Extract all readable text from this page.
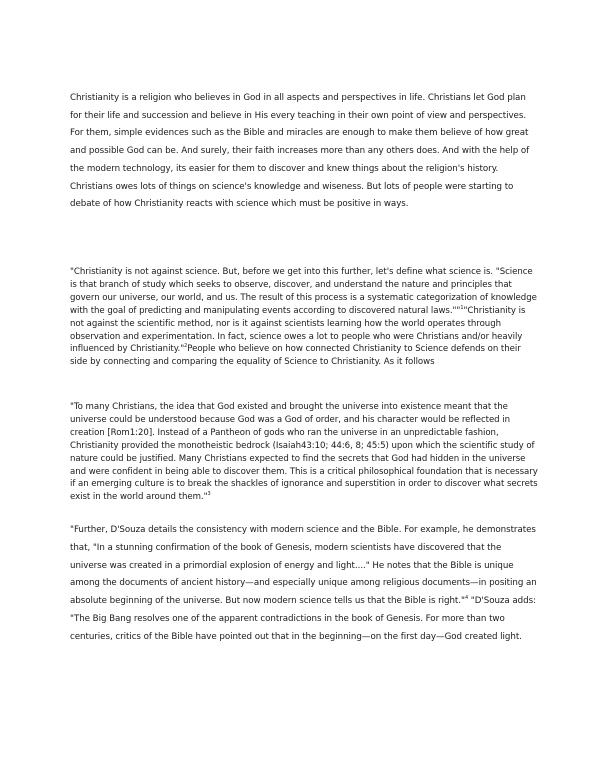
Christianity is a religion who believes in God in all aspects and perspectives in life. Christians let God plan for their life and succession and believe in His every teaching in their own point of view and perspectives. For them, simple evidences such as the Bible and miracles are enough to make them believe of how great and possible God can be. And surely, their faith increases more than any others does. And with the help of the modern technology, its easier for them to discover and knew things about the religion's history. Christians owes lots of things on science's knowledge and wiseness. But lots of people were starting to debate of how Christianity reacts with science which must be positive in ways.

"Christianity is not against science. But, before we get into this further, let's define what science is. "Science is that branch of study which seeks to observe, discover, and understand the nature and principles that govern our universe, our world, and us. The result of this process is a systematic categorization of knowledge with the goal of predicting and manipulating events according to discovered natural laws.""$^1$"Christianity is not against the scientific method, nor is it against scientists learning how the world operates through observation and experimentation. In fact, science owes a lot to people who were Christians and/or heavily influenced by Christianity."$^2$People who believe on how connected Christianity to Science defends on their side by connecting and comparing the equality of Science to Christianity. As it follows

"To many Christians, the idea that God existed and brought the universe into existence meant that the universe could be understood because God was a God of order, and his character would be reflected in creation [Rom1:20]. Instead of a Pantheon of gods who ran the universe in an unpredictable fashion, Christianity provided the monotheistic bedrock (Isaiah43:10; 44:6, 8; 45:5) upon which the scientific study of nature could be justified. Many Christians expected to find the secrets that God had hidden in the universe and were confident in being able to discover them. This is a critical philosophical foundation that is necessary if an emerging culture is to break the shackles of ignorance and superstition in order to discover what secrets exist in the world around them."$^3$

"Further, D'Souza details the consistency with modern science and the Bible. For example, he demonstrates that, "In a stunning confirmation of the book of Genesis, modern scientists have discovered that the universe was created in a primordial explosion of energy and light...." He notes that the Bible is unique among the documents of ancient history—and especially unique among religious documents—in positing an absolute beginning of the universe. But now modern science tells us that the Bible is right."$^4$ "D'Souza adds: "The Big Bang resolves one of the apparent contradictions in the book of Genesis. For more than two centuries, critics of the Bible have pointed out that in the beginning—on the first day—God created light.
